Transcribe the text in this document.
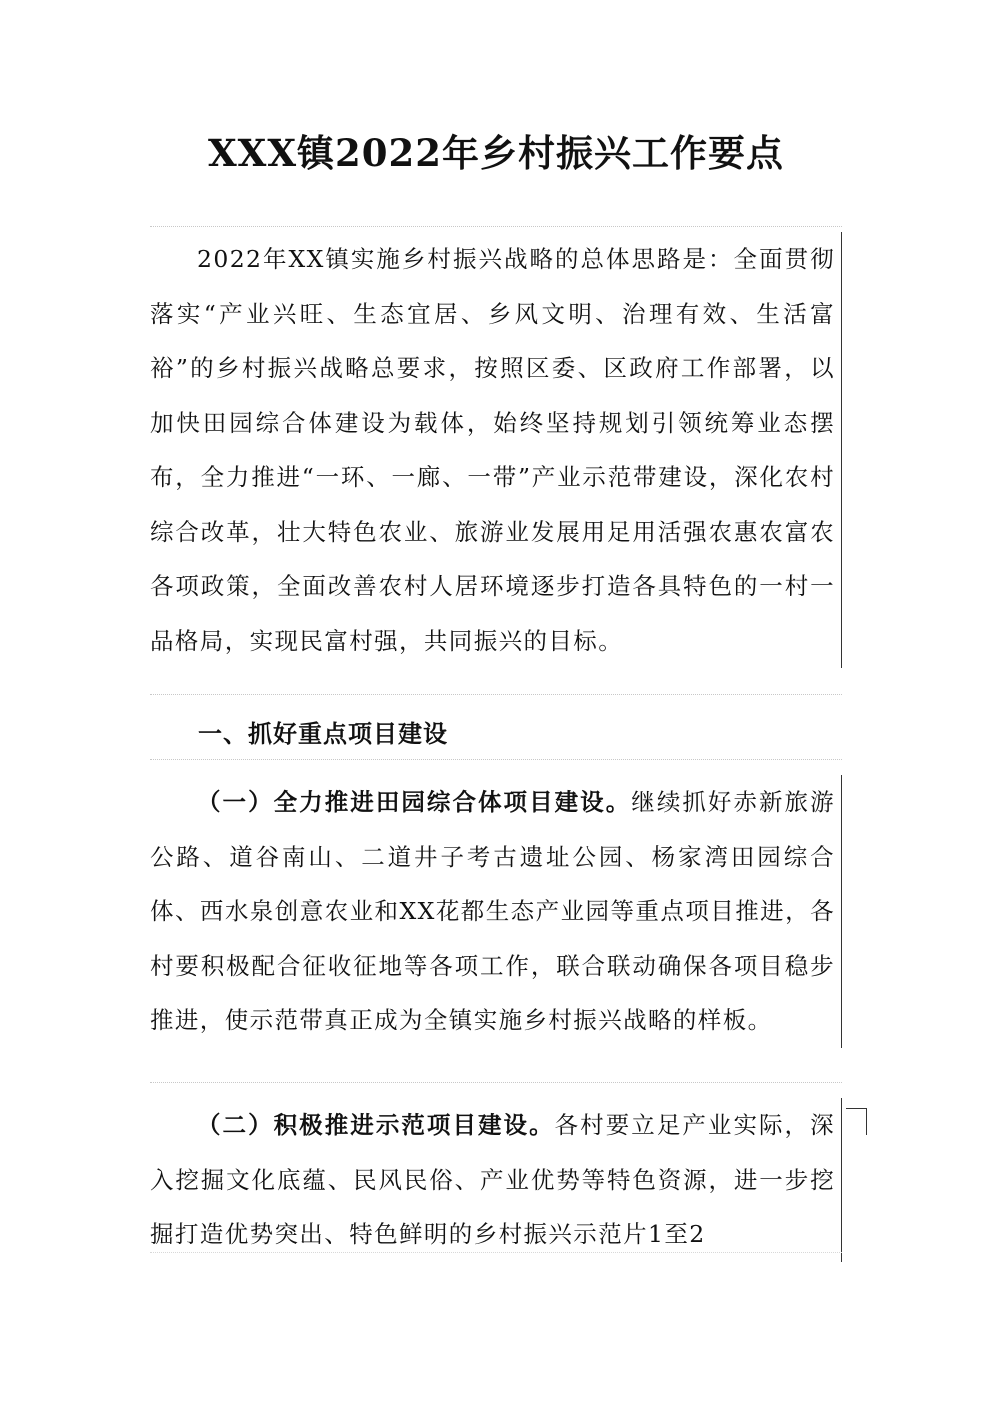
XXX镇2022年乡村振兴工作要点

2022年XX镇实施乡村振兴战略的总体思路是：全面贯彻落实“产业兴旺、生态宜居、乡风文明、治理有效、生活富裕”的乡村振兴战略总要求，按照区委、区政府工作部署，以加快田园综合体建设为载体，始终坚持规划引领统筹业态摆布，全力推进“一环、一廊、一带”产业示范带建设，深化农村综合改革，壮大特色农业、旅游业发展用足用活强农惠农富农各项政策，全面改善农村人居环境逐步打造各具特色的一村一品格局，实现民富村强，共同振兴的目标。

一、抓好重点项目建设

（一）全力推进田园综合体项目建设。继续抓好赤新旅游公路、道谷南山、二道井子考古遗址公园、杨家湾田园综合体、西水泉创意农业和XX花都生态产业园等重点项目推进，各村要积极配合征收征地等各项工作，联合联动确保各项目稳步推进，使示范带真正成为全镇实施乡村振兴战略的样板。

（二）积极推进示范项目建设。各村要立足产业实际，深入挖掘文化底蕴、民风民俗、产业优势等特色资源，进一步挖掘打造优势突出、特色鲜明的乡村振兴示范片1至2
